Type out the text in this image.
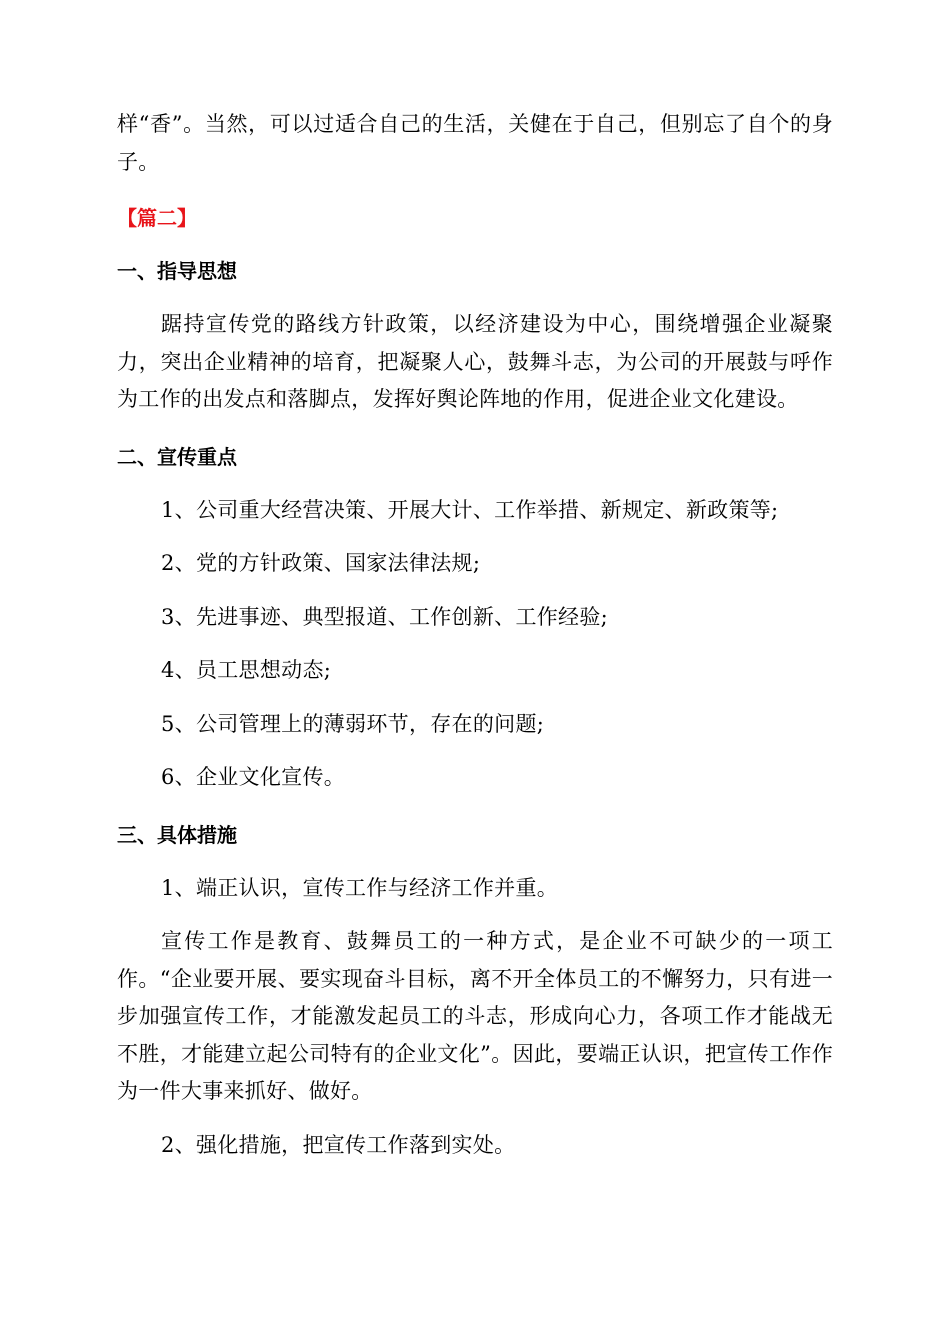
样“香”。当然，可以过适合自己的生活，关健在于自己，但别忘了自个的身子。

【篇二】
一、指导思想

踞持宣传党的路线方针政策，以经济建设为中心，围绕增强企业凝聚力，突出企业精神的培育，把凝聚人心，鼓舞斗志，为公司的开展鼓与呼作为工作的出发点和落脚点，发挥好舆论阵地的作用，促进企业文化建设。

二、宣传重点

1、公司重大经营决策、开展大计、工作举措、新规定、新政策等;

2、党的方针政策、国家法律法规;

3、先进事迹、典型报道、工作创新、工作经验;

4、员工思想动态;

5、公司管理上的薄弱环节，存在的问题;

6、企业文化宣传。

三、具体措施

1、端正认识，宣传工作与经济工作并重。

宣传工作是教育、鼓舞员工的一种方式，是企业不可缺少的一项工作。“企业要开展、要实现奋斗目标，离不开全体员工的不懈努力，只有进一步加强宣传工作，才能激发起员工的斗志，形成向心力，各项工作才能战无不胜，才能建立起公司特有的企业文化”。因此，要端正认识，把宣传工作作为一件大事来抓好、做好。

2、强化措施，把宣传工作落到实处。
